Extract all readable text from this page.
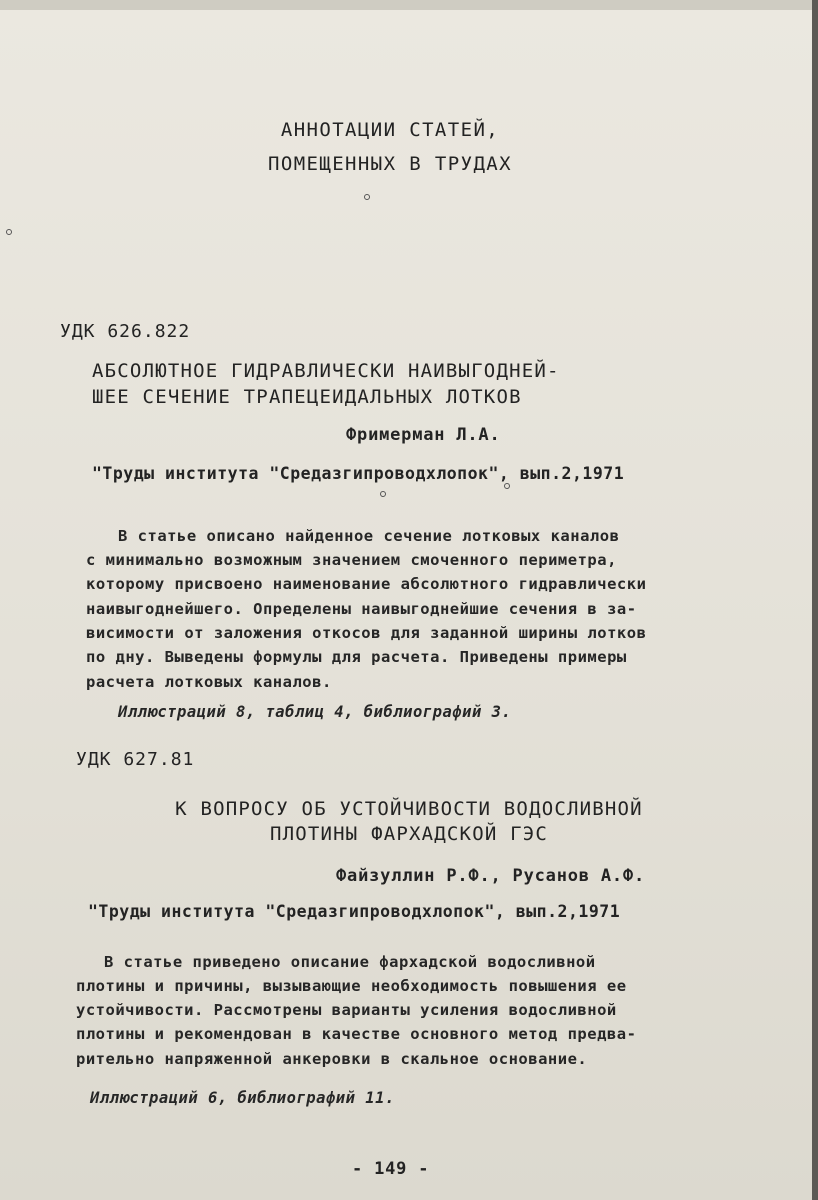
АННОТАЦИИ СТАТЕЙ,
ПОМЕЩЕННЫХ В ТРУДАХ
УДК 626.822
АБСОЛЮТНОЕ ГИДРАВЛИЧЕСКИ НАИВЫГОДНЕЙ-
ШЕЕ СЕЧЕНИЕ ТРАПЕЦЕИДАЛЬНЫХ ЛОТКОВ
Фримерман Л.А.
"Труды института "Средазгипроводхлопок", вып.2,1971
В статье описано найденное сечение лотковых каналов
с минимально возможным значением смоченного периметра,
которому присвоено наименование абсолютного гидравлически
наивыгоднейшего. Определены наивыгоднейшие сечения в за-
висимости от заложения откосов для заданной ширины лотков
по дну. Выведены формулы для расчета. Приведены примеры
расчета лотковых каналов.
Иллюстраций 8, таблиц 4, библиографий 3.
УДК 627.81
К ВОПРОСУ ОБ УСТОЙЧИВОСТИ ВОДОСЛИВНОЙ
ПЛОТИНЫ ФАРХАДСКОЙ ГЭС
Файзуллин Р.Ф., Русанов А.Ф.
"Труды института "Средазгипроводхлопок", вып.2,1971
В статье приведено описание фархадской водосливной
плотины и причины, вызывающие необходимость повышения ее
устойчивости. Рассмотрены варианты усиления водосливной
плотины и рекомендован в качестве основного метод предва-
рительно напряженной анкеровки в скальное основание.
Иллюстраций 6, библиографий 11.
- 149 -
